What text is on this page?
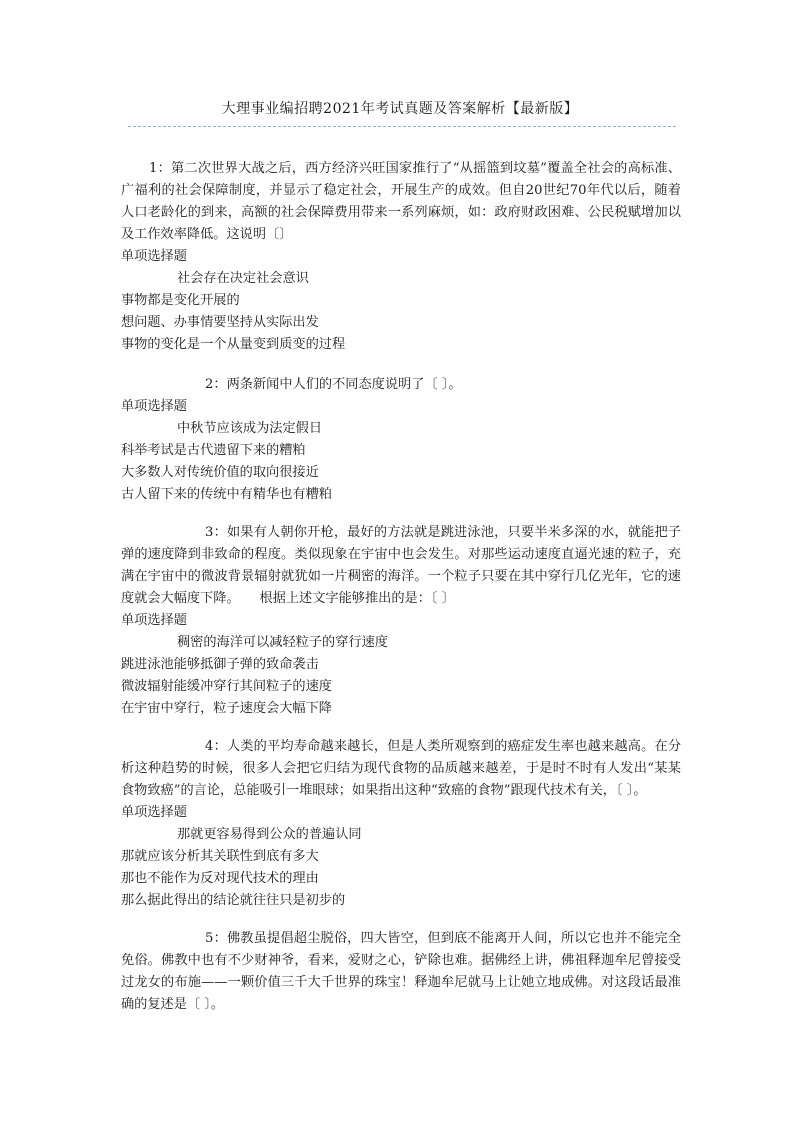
大理事业编招聘2021年考试真题及答案解析【最新版】

1：第二次世界大战之后，西方经济兴旺国家推行了“从摇篮到坟墓”覆盖全社会的高标准、广福利的社会保障制度，并显示了稳定社会，开展生产的成效。但自20世纪70年代以后，随着人口老龄化的到来，高额的社会保障费用带来一系列麻烦，如：政府财政困难、公民税赋增加以及工作效率降低。这说明〔〕

单项选择题

社会存在决定社会意识

事物都是变化开展的

想问题、办事情要坚持从实际出发

事物的变化是一个从量变到质变的过程

2：两条新闻中人们的不同态度说明了〔 〕。

单项选择题

中秋节应该成为法定假日

科举考试是古代遗留下来的糟粕

大多数人对传统价值的取向很接近

古人留下来的传统中有精华也有糟粕

3：如果有人朝你开枪，最好的方法就是跳进泳池，只要半米多深的水，就能把子弹的速度降到非致命的程度。类似现象在宇宙中也会发生。对那些运动速度直逼光速的粒子，充满在宇宙中的微波背景辐射就犹如一片稠密的海洋。一个粒子只要在其中穿行几亿光年，它的速度就会大幅度下降。　　根据上述文字能够推出的是：〔 〕

单项选择题

稠密的海洋可以减轻粒子的穿行速度

跳进泳池能够抵御子弹的致命袭击

微波辐射能缓冲穿行其间粒子的速度

在宇宙中穿行，粒子速度会大幅下降

4：人类的平均寿命越来越长，但是人类所观察到的癌症发生率也越来越高。在分析这种趋势的时候，很多人会把它归结为现代食物的品质越来越差，于是时不时有人发出“某某食物致癌”的言论，总能吸引一堆眼球；如果指出这种“致癌的食物”跟现代技术有关，〔 〕。

单项选择题

那就更容易得到公众的普遍认同

那就应该分析其关联性到底有多大

那也不能作为反对现代技术的理由

那么据此得出的结论就往往只是初步的

5：佛教虽提倡超尘脱俗，四大皆空，但到底不能离开人间，所以它也并不能完全免俗。佛教中也有不少财神爷，看来，爱财之心，铲除也难。据佛经上讲，佛祖释迦牟尼曾接受过龙女的布施——一颗价值三千大千世界的珠宝！释迦牟尼就马上让她立地成佛。对这段话最准确的复述是〔 〕。
